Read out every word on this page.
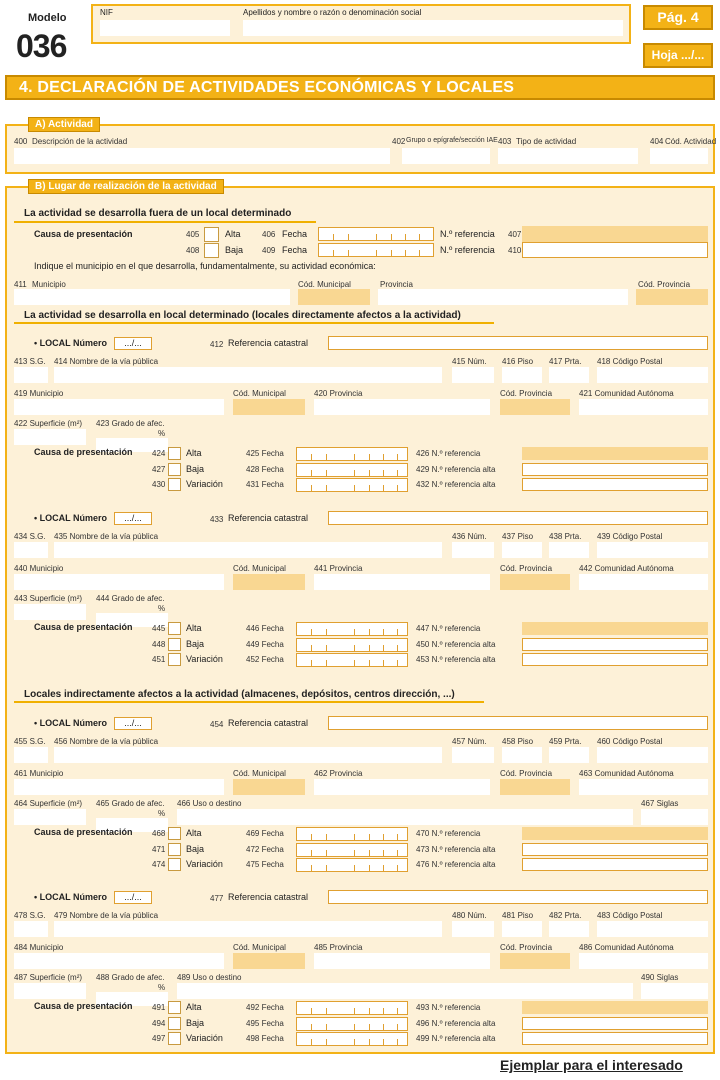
Modelo
036
NIF	Apellidos y nombre o razón o denominación social	Pág. 4
Hoja .../...
4. DECLARACIÓN DE ACTIVIDADES ECONÓMICAS Y LOCALES
A) Actividad
400 Descripción de la actividad	402 Grupo o epígrafe/sección IAE 403 Tipo de actividad	404 Cód. Actividad
B) Lugar de realización de la actividad
La actividad se desarrolla fuera de un local determinado
Causa de presentación	405	Alta	406 Fecha	N.º referencia 407
408	Baja 409 Fecha	N.º referencia 410
Indique el municipio en el que desarrolla, fundamentalmente, su actividad económica:
411 Municipio	Cód. Municipal	Provincia	Cód. Provincia
La actividad se desarrolla en local determinado (locales directamente afectos a la actividad)
Locales indirectamente afectos a la actividad (almacenes, depósitos, centros dirección, ...)
• LOCAL Número	.../...	412 Referencia catastral
413 S.G. 414 Nombre de la vía pública	415 Núm. 416 Piso 417 Prta. 418 Código Postal
419 Municipio	Cód. Municipal	420 Provincia	Cód. Provincia	421 Comunidad Autónoma
422 Superficie (m²) 423 Grado de afec.
%
Causa de presentación 424 Alta	425 Fecha	426 N.º referencia
427 Baja	428 Fecha	429 N.º referencia alta
430 Variación	431 Fecha	432 N.º referencia alta
• LOCAL Número	.../...	433 Referencia catastral
434 S.G. 435 Nombre de la vía pública	436 Núm. 437 Piso 438 Prta. 439 Código Postal
440 Municipio	Cód. Municipal	441 Provincia	Cód. Provincia	442 Comunidad Autónoma
443 Superficie (m²) 444 Grado de afec.
%
Causa de presentación 445 Alta	446 Fecha	447 N.º referencia
448 Baja	449 Fecha	450 N.º referencia alta
451 Variación	452 Fecha	453 N.º referencia alta
• LOCAL Número	.../...	454 Referencia catastral
455 S.G. 456 Nombre de la vía pública	457 Núm. 458 Piso 459 Prta. 460 Código Postal
461 Municipio	Cód. Municipal	462 Provincia	Cód. Provincia	463 Comunidad Autónoma
464 Superficie (m²) 465 Grado de afec.
%
466 Uso o destino	467 Siglas
Causa de presentación 468 Alta	469 Fecha	470 N.º referencia
471 Baja	472 Fecha	473 N.º referencia alta
474 Variación	475 Fecha	476 N.º referencia alta
• LOCAL Número	.../...	477 Referencia catastral
478 S.G. 479 Nombre de la vía pública	480 Núm. 481 Piso 482 Prta. 483 Código Postal
484 Municipio	Cód. Municipal	485 Provincia	Cód. Provincia	486 Comunidad Autónoma
487 Superficie (m²) 488 Grado de afec.
%
489 Uso o destino	490 Siglas
Causa de presentación 491 Alta	492 Fecha	493 N.º referencia
494 Baja	495 Fecha	496 N.º referencia alta
497 Variación	498 Fecha	499 N.º referencia alta
Ejemplar para el interesado
